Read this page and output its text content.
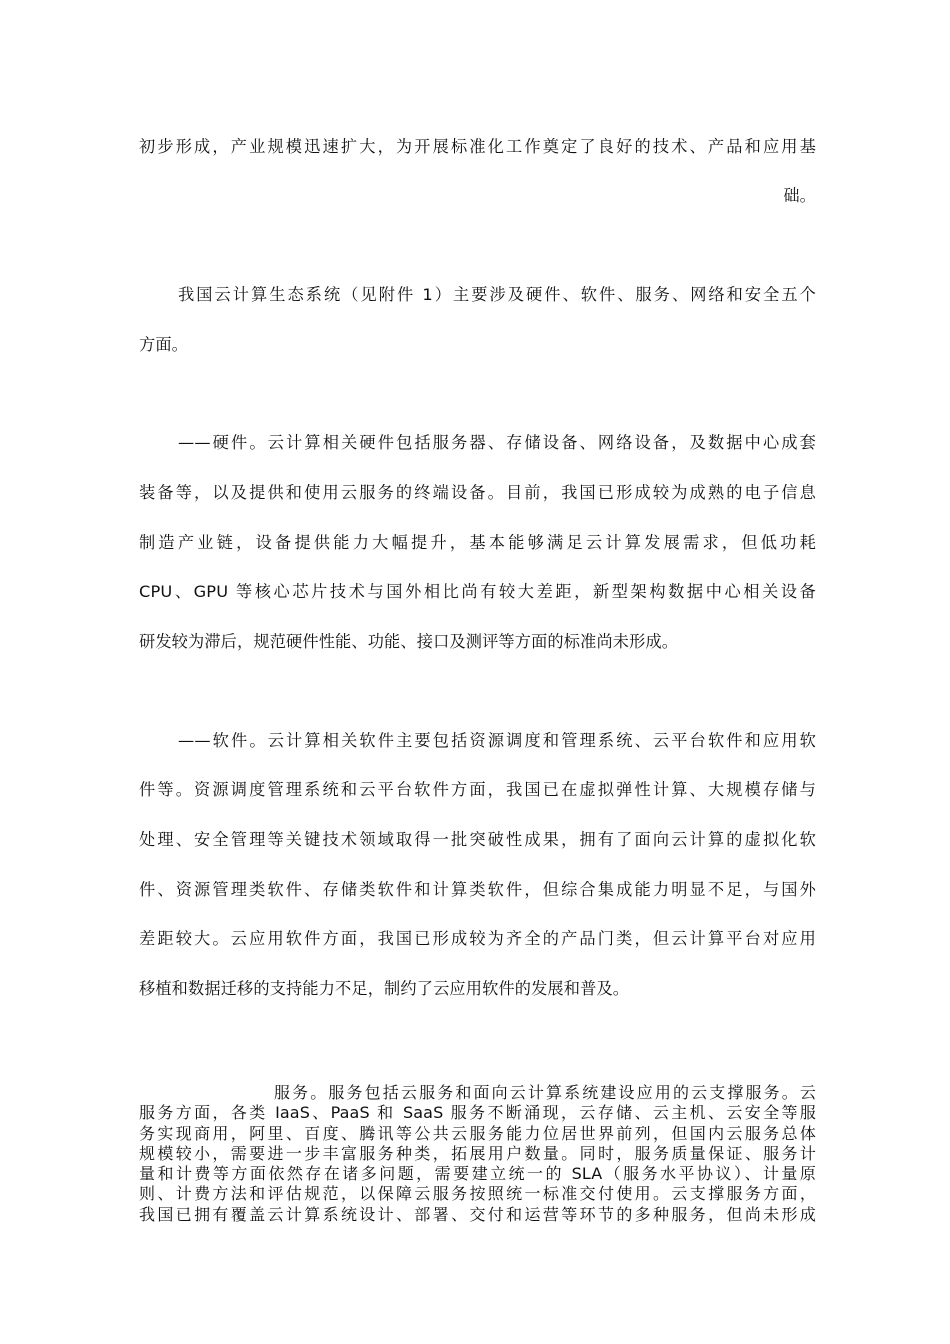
初步形成，产业规模迅速扩大，为开展标准化工作奠定了良好的技术、产品和应用基
础。
我国云计算生态系统（见附件 1）主要涉及硬件、软件、服务、网络和安全五个
方面。
——硬件。云计算相关硬件包括服务器、存储设备、网络设备，及数据中心成套
装备等，以及提供和使用云服务的终端设备。目前，我国已形成较为成熟的电子信息
制造产业链，设备提供能力大幅提升，基本能够满足云计算发展需求，但低功耗
CPU、GPU 等核心芯片技术与国外相比尚有较大差距，新型架构数据中心相关设备
研发较为滞后，规范硬件性能、功能、接口及测评等方面的标准尚未形成。
——软件。云计算相关软件主要包括资源调度和管理系统、云平台软件和应用软
件等。资源调度管理系统和云平台软件方面，我国已在虚拟弹性计算、大规模存储与
处理、安全管理等关键技术领域取得一批突破性成果，拥有了面向云计算的虚拟化软
件、资源管理类软件、存储类软件和计算类软件，但综合集成能力明显不足，与国外
差距较大。云应用软件方面，我国已形成较为齐全的产品门类，但云计算平台对应用
移植和数据迁移的支持能力不足，制约了云应用软件的发展和普及。
服务。服务包括云服务和面向云计算系统建设应用的云支撑服务。云
服务方面，各类 IaaS、PaaS 和 SaaS 服务不断涌现，云存储、云主机、云安全等服
务实现商用，阿里、百度、腾讯等公共云服务能力位居世界前列，但国内云服务总体
规模较小，需要进一步丰富服务种类，拓展用户数量。同时，服务质量保证、服务计
量和计费等方面依然存在诸多问题，需要建立统一的 SLA（服务水平协议）、计量原
则、计费方法和评估规范，以保障云服务按照统一标准交付使用。云支撑服务方面，
我国已拥有覆盖云计算系统设计、部署、交付和运营等环节的多种服务，但尚未形成
